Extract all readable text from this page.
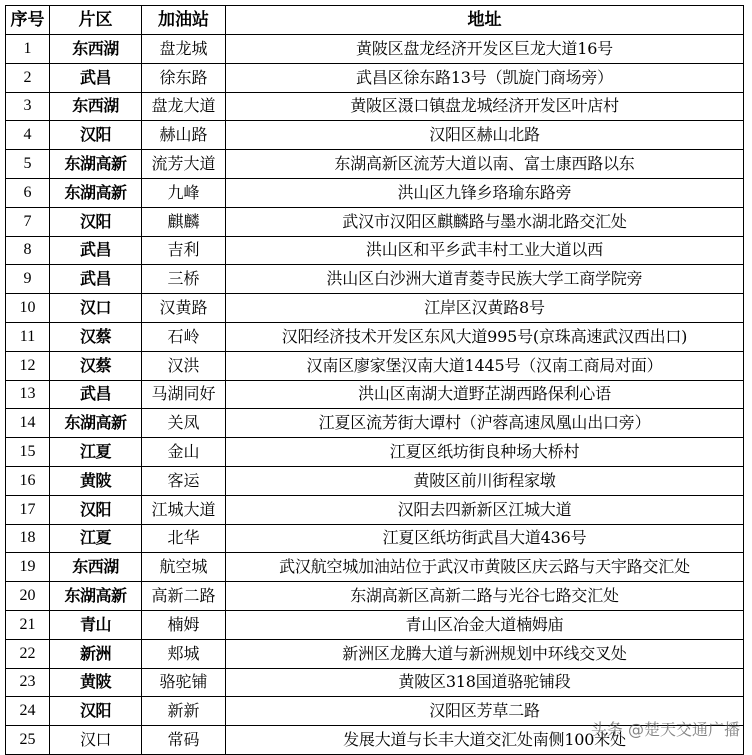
序号	片区	加油站	地址
1	东西湖	盘龙城	黄陂区盘龙经济开发区巨龙大道16号
2	武昌	徐东路	武昌区徐东路13号（凯旋门商场旁）
3	东西湖	盘龙大道	黄陂区滠口镇盘龙城经济开发区叶店村
4	汉阳	赫山路	汉阳区赫山北路
5	东湖高新	流芳大道	东湖高新区流芳大道以南、富士康西路以东
6	东湖高新	九峰	洪山区九锋乡珞瑜东路旁
7	汉阳	麒麟	武汉市汉阳区麒麟路与墨水湖北路交汇处
8	武昌	吉利	洪山区和平乡武丰村工业大道以西
9	武昌	三桥	洪山区白沙洲大道青菱寺民族大学工商学院旁
10	汉口	汉黄路	江岸区汉黄路8号
11	汉蔡	石岭	汉阳经济技术开发区东风大道995号(京珠高速武汉西出口)
12	汉蔡	汉洪	汉南区廖家堡汉南大道1445号（汉南工商局对面）
13	武昌	马湖同好	洪山区南湖大道野芷湖西路保利心语
14	东湖高新	关凤	江夏区流芳街大谭村（沪蓉高速凤凰山出口旁）
15	江夏	金山	江夏区纸坊街良种场大桥村
16	黄陂	客运	黄陂区前川街程家墩
17	汉阳	江城大道	汉阳去四新新区江城大道
18	江夏	北华	江夏区纸坊街武昌大道436号
19	东西湖	航空城	武汉航空城加油站位于武汉市黄陂区庆云路与天宇路交汇处
20	东湖高新	高新二路	东湖高新区高新二路与光谷七路交汇处
21	青山	楠姆	青山区冶金大道楠姆庙
22	新洲	郏城	新洲区龙腾大道与新洲规划中环线交叉处
23	黄陂	骆驼铺	黄陂区318国道骆驼铺段
24	汉阳	新新	汉阳区芳草二路
25	汉口	常码	发展大道与长丰大道交汇处南侧100米处
头条 @楚天交通广播
